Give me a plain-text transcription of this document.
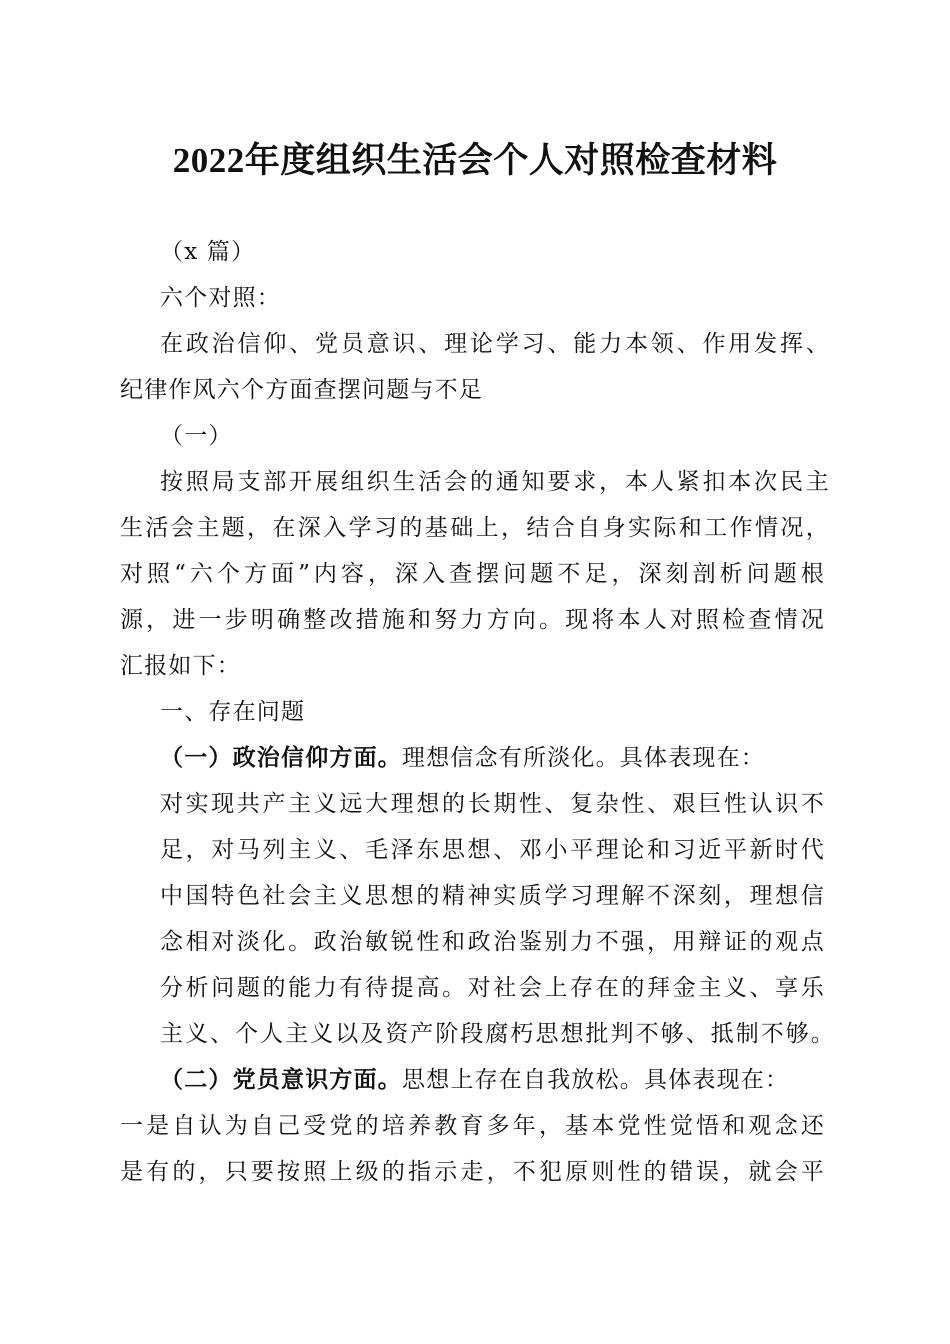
2022年度组织生活会个人对照检查材料
（x 篇）
六个对照：
在政治信仰、党员意识、理论学习、能力本领、作用发挥、
纪律作风六个方面查摆问题与不足
（一）
按照局支部开展组织生活会的通知要求，本人紧扣本次民主
生活会主题，在深入学习的基础上，结合自身实际和工作情况，
对照“六个方面”内容，深入查摆问题不足，深刻剖析问题根
源，进一步明确整改措施和努力方向。现将本人对照检查情况
汇报如下：
一、存在问题
（一）政治信仰方面。理想信念有所淡化。具体表现在：
对实现共产主义远大理想的长期性、复杂性、艰巨性认识不
足，对马列主义、毛泽东思想、邓小平理论和习近平新时代
中国特色社会主义思想的精神实质学习理解不深刻，理想信
念相对淡化。政治敏锐性和政治鉴别力不强，用辩证的观点
分析问题的能力有待提高。对社会上存在的拜金主义、享乐
主义、个人主义以及资产阶段腐朽思想批判不够、抵制不够。
（二）党员意识方面。思想上存在自我放松。具体表现在：
一是自认为自己受党的培养教育多年，基本党性觉悟和观念还
是有的，只要按照上级的指示走，不犯原则性的错误，就会平
